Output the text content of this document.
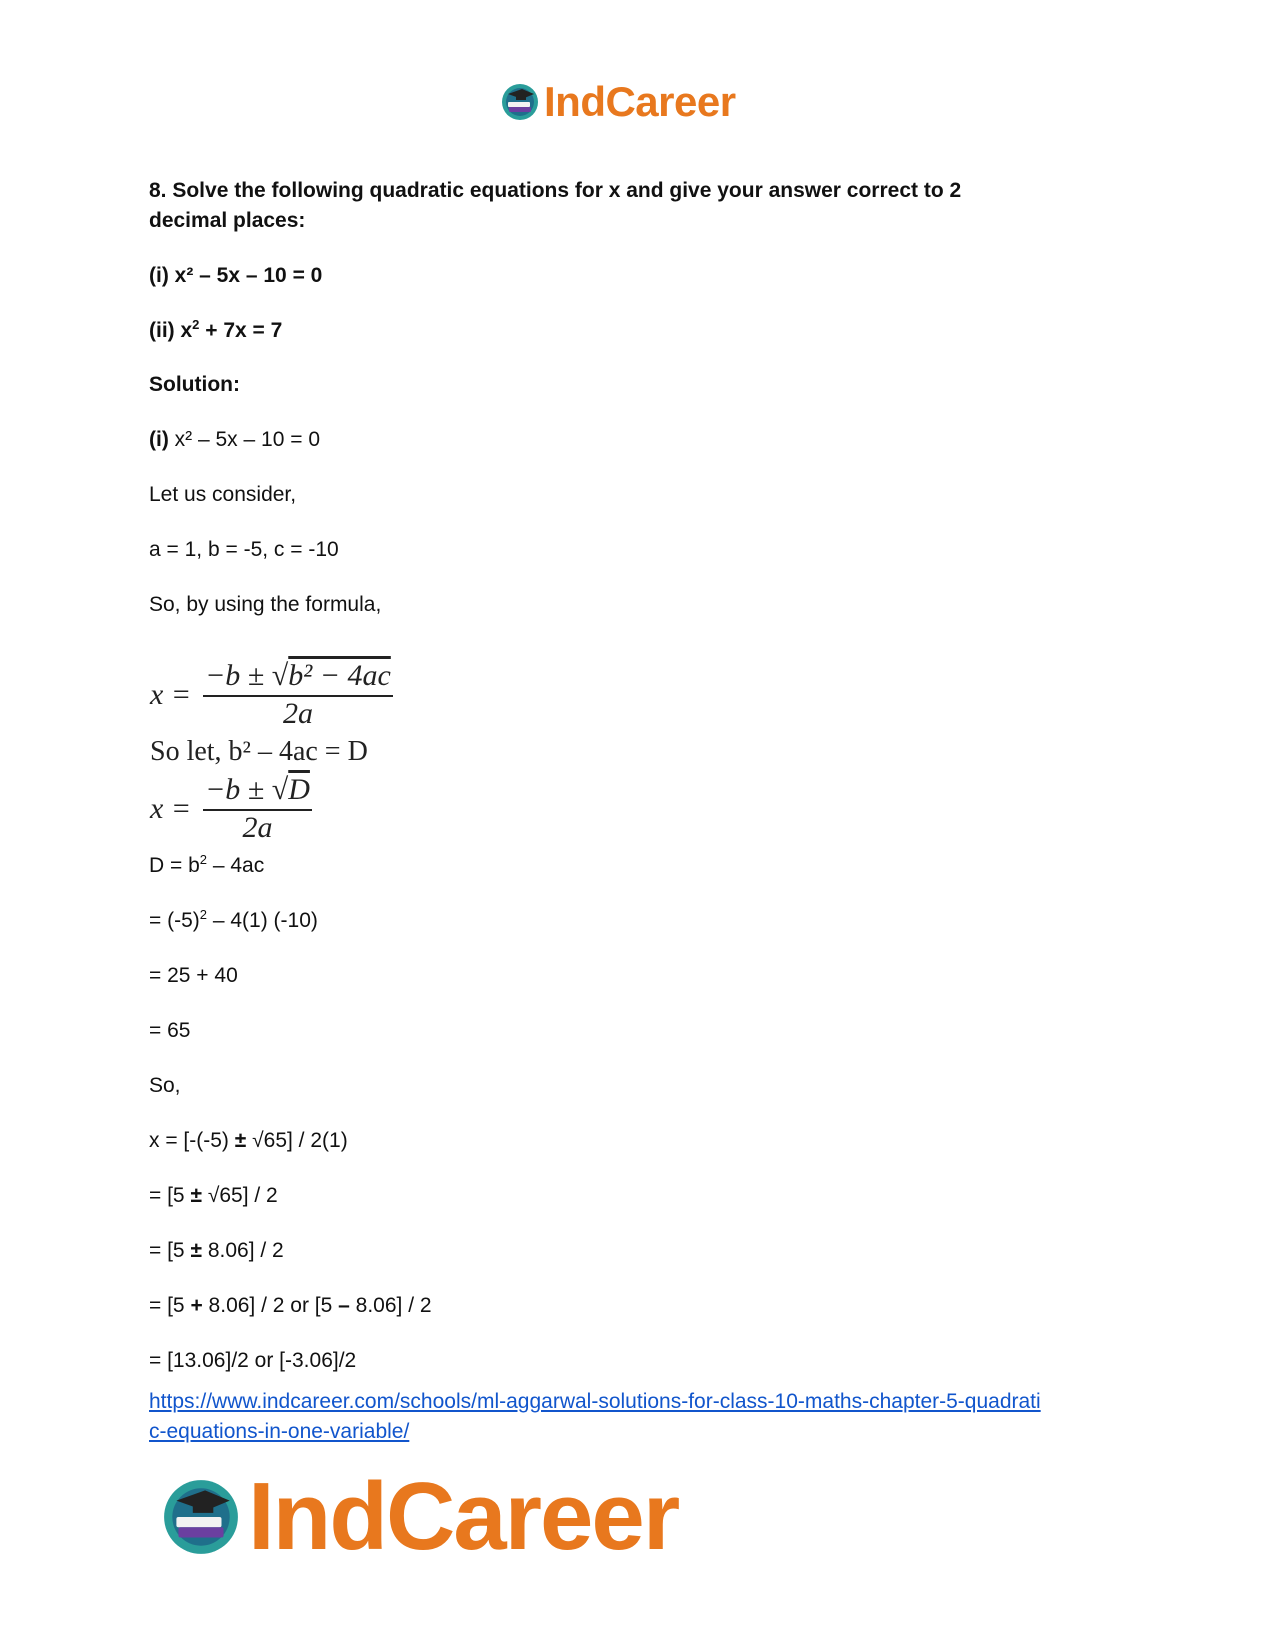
IndCareer
8. Solve the following quadratic equations for x and give your answer correct to 2
decimal places:
(i) x² – 5x – 10 = 0
(ii) $x^2 + 7x = 7$
Solution:
(i) x² – 5x – 10 = 0
Let us consider,
a = 1, b = -5, c = -10
So, by using the formula,
$x = \frac{\text{−b ± √b² − 4ac}}{2a}$
So let, b² – 4ac = D
$x = \frac{-b \pm √D}{2a}$
$D = b^2 - 4ac$
= $(-5)^2 - 4(1)$ (-10)
= 25 + 40
= 65
So,
x = [-(-5) ± √65] / 2(1)
= [5 ± √65] / 2
= [5 ± 8.06] / 2
= [5 + 8.06] / 2 or [5 – 8.06] / 2
= [13.06]/2 or [-3.06]/2
https://www.indcareer.com/schools/ml-aggarwal-solutions-for-class-10-maths-chapter-5-quadrati
c-equations-in-one-variable/
IndCareer
